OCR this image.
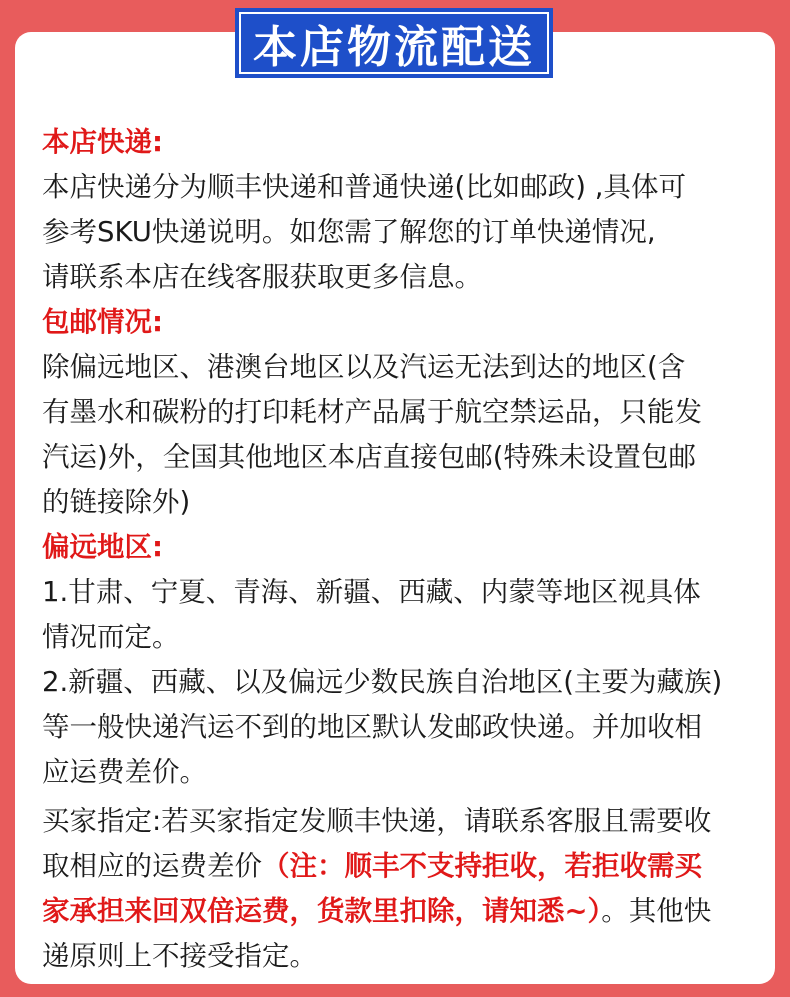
本店快递:

本店快递分为顺丰快递和普通快递(比如邮政) ,具体可

参考SKU快递说明。如您需了解您的订单快递情况,

请联系本店在线客服获取更多信息。

包邮情况:

除偏远地区、港澳台地区以及汽运无法到达的地区(含

有墨水和碳粉的打印耗材产品属于航空禁运品，只能发

汽运)外，全国其他地区本店直接包邮(特殊未设置包邮

的链接除外)

偏远地区:

1.甘肃、宁夏、青海、新疆、西藏、内蒙等地区视具体

情况而定。

2.新疆、西藏、以及偏远少数民族自治地区(主要为藏族)

等一般快递汽运不到的地区默认发邮政快递。并加收相

应运费差价。

买家指定:若买家指定发顺丰快递，请联系客服且需要收

取相应的运费差价（注：顺丰不支持拒收，若拒收需买

家承担来回双倍运费，货款里扣除，请知悉~）。其他快

递原则上不接受指定。

本店物流配送
